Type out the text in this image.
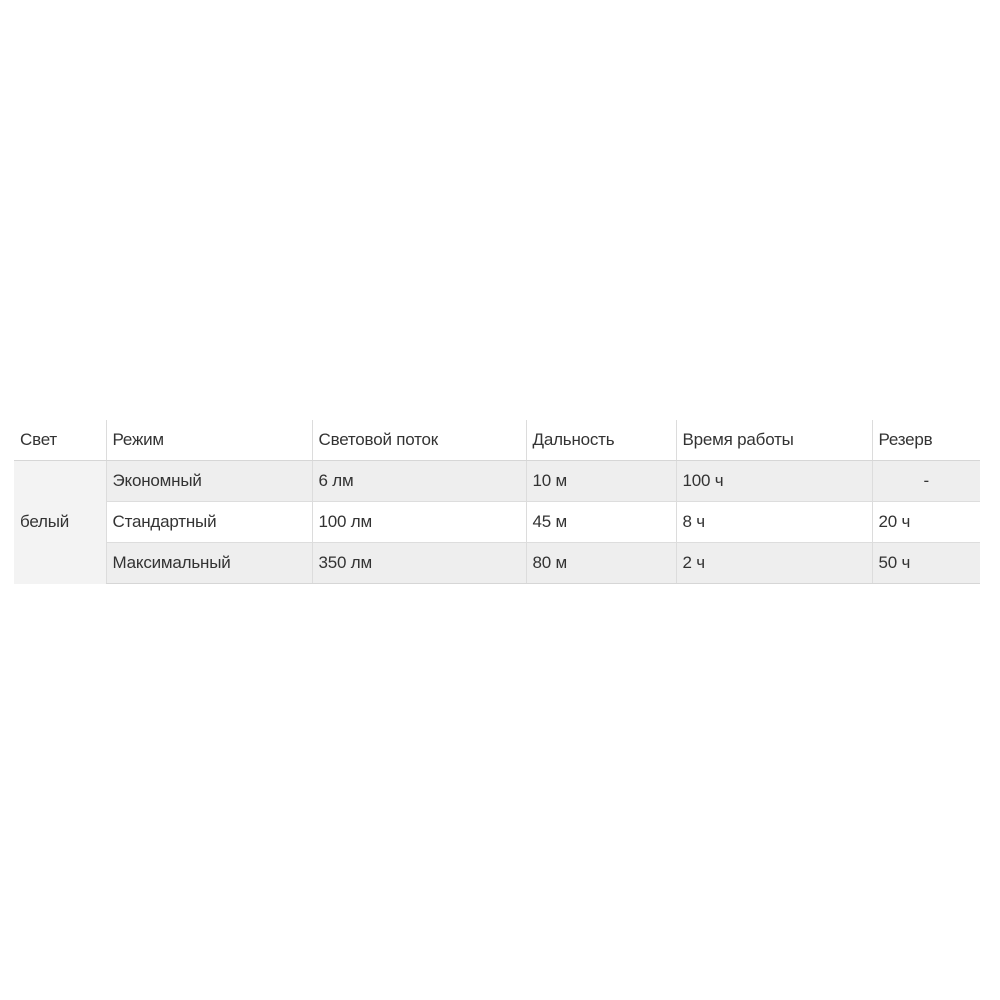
Свет	Режим	Световой поток	Дальность	Время работы	Резерв
белый	Экономный	6 лм	10 м	100 ч	-
	Стандартный	100 лм	45 м	8 ч	20 ч
	Максимальный	350 лм	80 м	2 ч	50 ч
